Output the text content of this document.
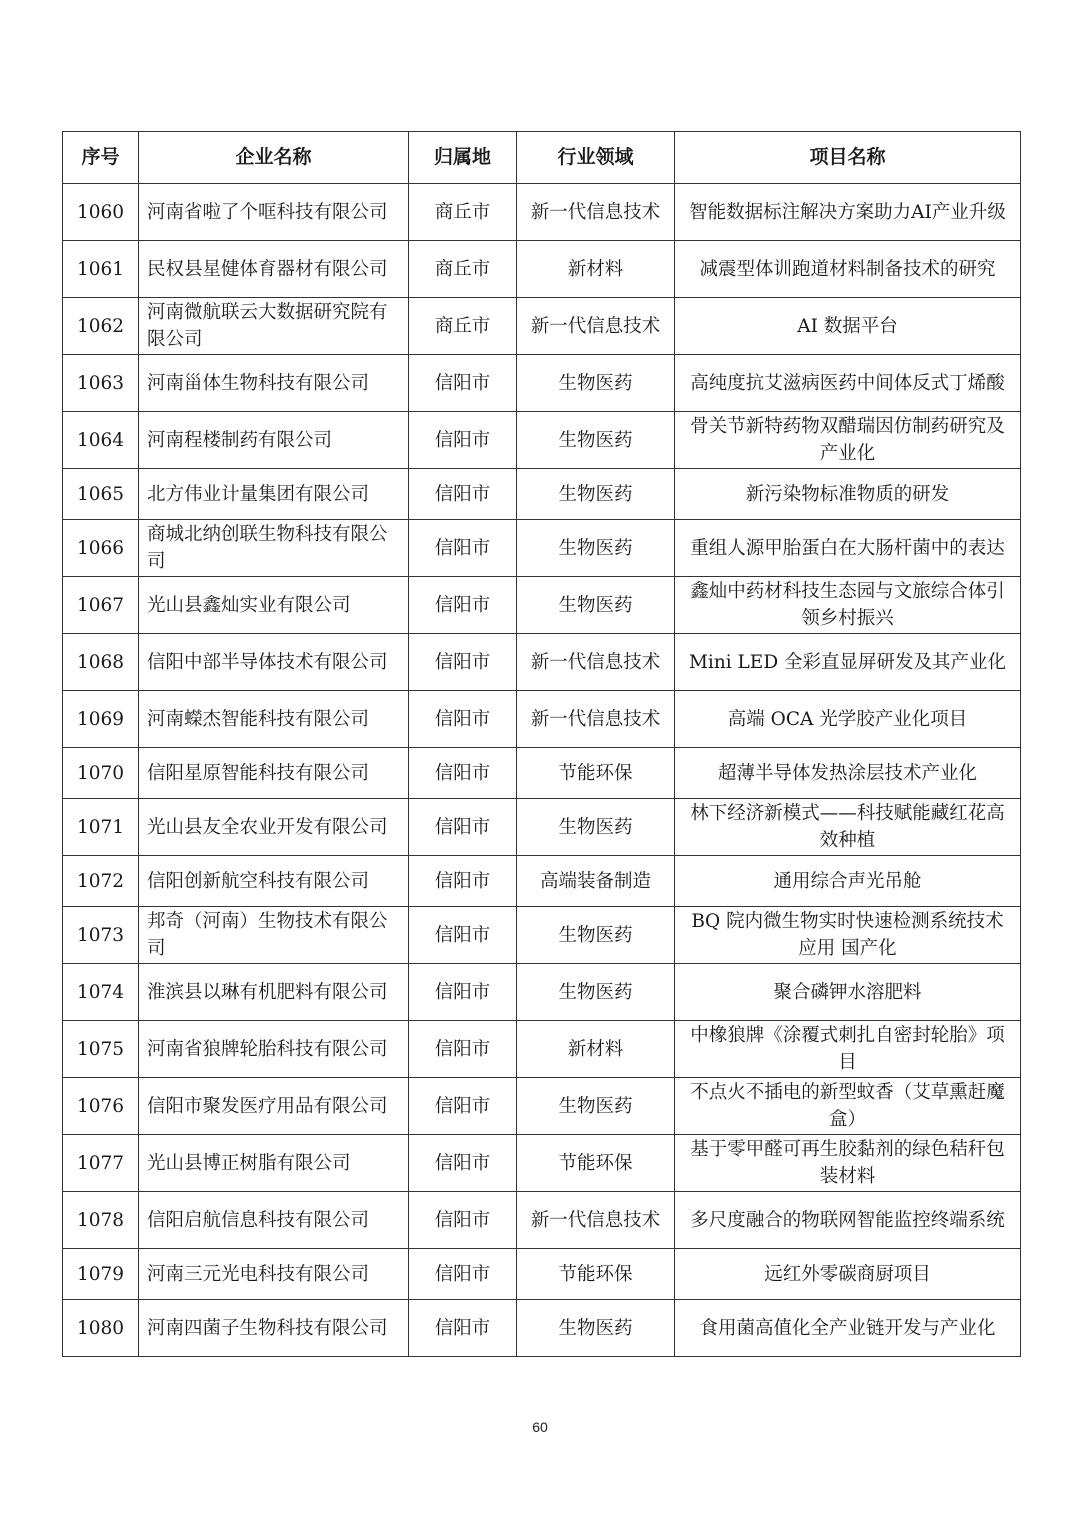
序号	企业名称	归属地	行业领域	项目名称
1060	河南省啦了个哐科技有限公司	商丘市	新一代信息技术	智能数据标注解决方案助力AI产业升级
1061	民权县星健体育器材有限公司	商丘市	新材料	减震型体训跑道材料制备技术的研究
1062	河南微航联云大数据研究院有限公司	商丘市	新一代信息技术	AI 数据平台
1063	河南甾体生物科技有限公司	信阳市	生物医药	高纯度抗艾滋病医药中间体反式丁烯酸
1064	河南程楼制药有限公司	信阳市	生物医药	骨关节新特药物双醋瑞因仿制药研究及产业化
1065	北方伟业计量集团有限公司	信阳市	生物医药	新污染物标准物质的研发
1066	商城北纳创联生物科技有限公司	信阳市	生物医药	重组人源甲胎蛋白在大肠杆菌中的表达
1067	光山县鑫灿实业有限公司	信阳市	生物医药	鑫灿中药材科技生态园与文旅综合体引领乡村振兴
1068	信阳中部半导体技术有限公司	信阳市	新一代信息技术	Mini LED 全彩直显屏研发及其产业化
1069	河南蠑杰智能科技有限公司	信阳市	新一代信息技术	高端 OCA 光学胶产业化项目
1070	信阳星原智能科技有限公司	信阳市	节能环保	超薄半导体发热涂层技术产业化
1071	光山县友全农业开发有限公司	信阳市	生物医药	林下经济新模式——科技赋能藏红花高效种植
1072	信阳创新航空科技有限公司	信阳市	高端装备制造	通用综合声光吊舱
1073	邦奇（河南）生物技术有限公司	信阳市	生物医药	BQ 院内微生物实时快速检测系统技术应用 国产化
1074	淮滨县以琳有机肥料有限公司	信阳市	生物医药	聚合磷钾水溶肥料
1075	河南省狼牌轮胎科技有限公司	信阳市	新材料	中橡狼牌《涂覆式刺扎自密封轮胎》项目
1076	信阳市聚发医疗用品有限公司	信阳市	生物医药	不点火不插电的新型蚊香（艾草熏赶魔盒）
1077	光山县博正树脂有限公司	信阳市	节能环保	基于零甲醛可再生胶黏剂的绿色秸秆包装材料
1078	信阳启航信息科技有限公司	信阳市	新一代信息技术	多尺度融合的物联网智能监控终端系统
1079	河南三元光电科技有限公司	信阳市	节能环保	远红外零碳商厨项目
1080	河南四菌子生物科技有限公司	信阳市	生物医药	食用菌高值化全产业链开发与产业化
60
